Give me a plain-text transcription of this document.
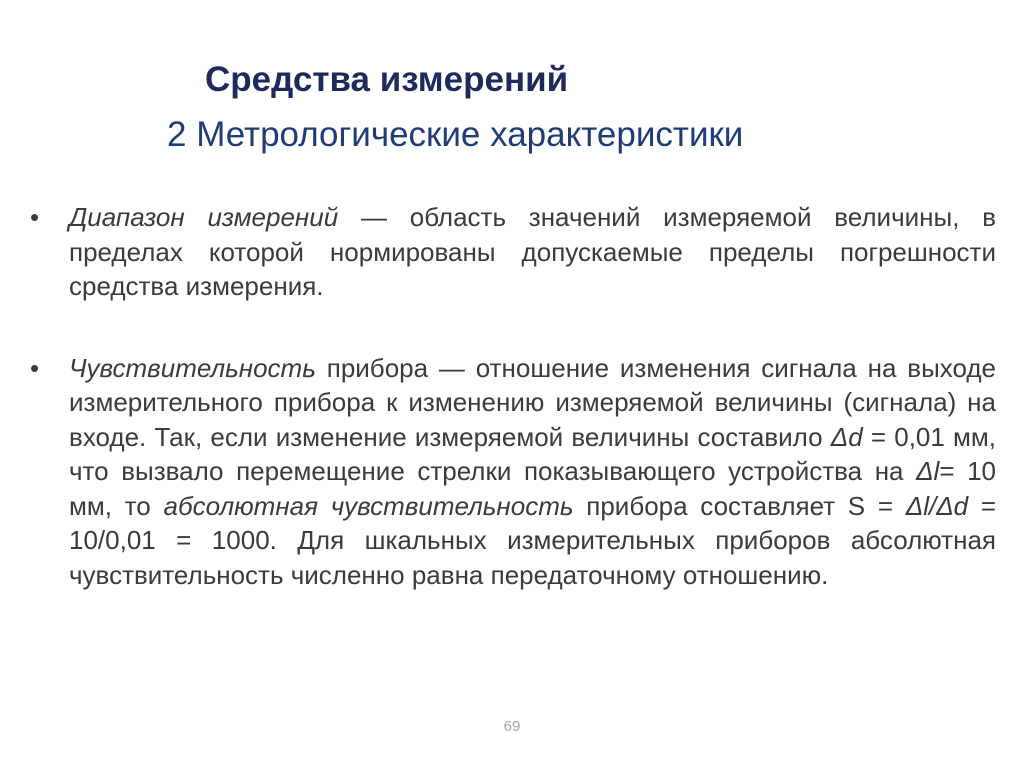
Средства измерений
2 Метрологические характеристики
• Диапазон измерений — область значений измеряемой величины, в пределах которой нормированы допускаемые пределы погрешности средства измерения.
• Чувствительность прибора — отношение изменения сигнала на выходе измерительного прибора к изменению измеряемой величины (сигнала) на входе. Так, если изменение измеряемой величины составило Δd = 0,01 мм, что вызвало перемещение стрелки показывающего устройства на Δl= 10 мм, то абсолютная чувствительность прибора составляет S = Δl/Δd = 10/0,01 = 1000. Для шкальных измерительных приборов абсолютная чувствительность численно равна передаточному отношению.
69
